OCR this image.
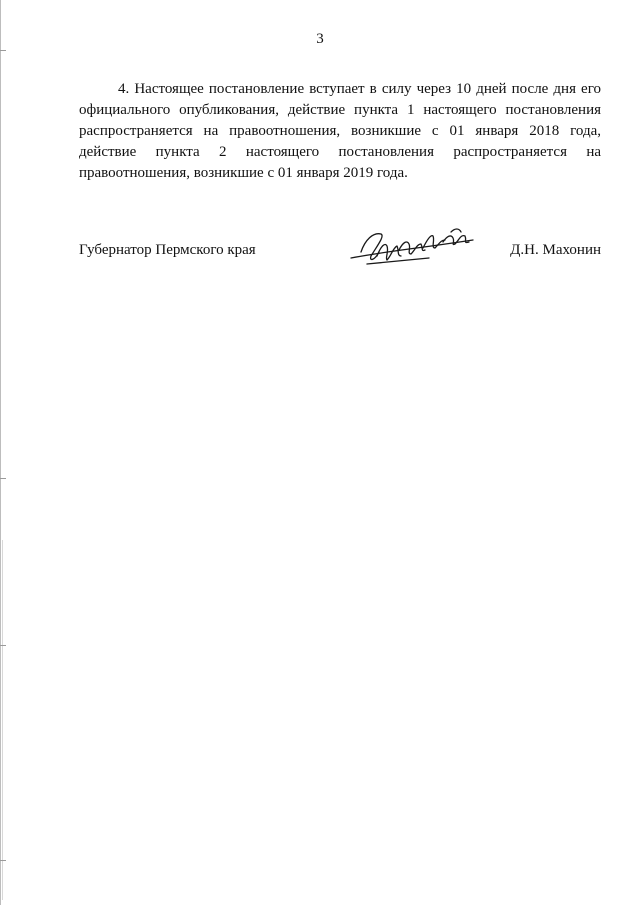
3

4. Настоящее постановление вступает в силу через 10 дней после дня его официального опубликования, действие пункта 1 настоящего постановления распространяется на правоотношения, возникшие с 01 января 2018 года, действие пункта 2 настоящего постановления распространяется на правоотношения, возникшие с 01 января 2019 года.

Губернатор Пермского края	Д.Н. Махонин
